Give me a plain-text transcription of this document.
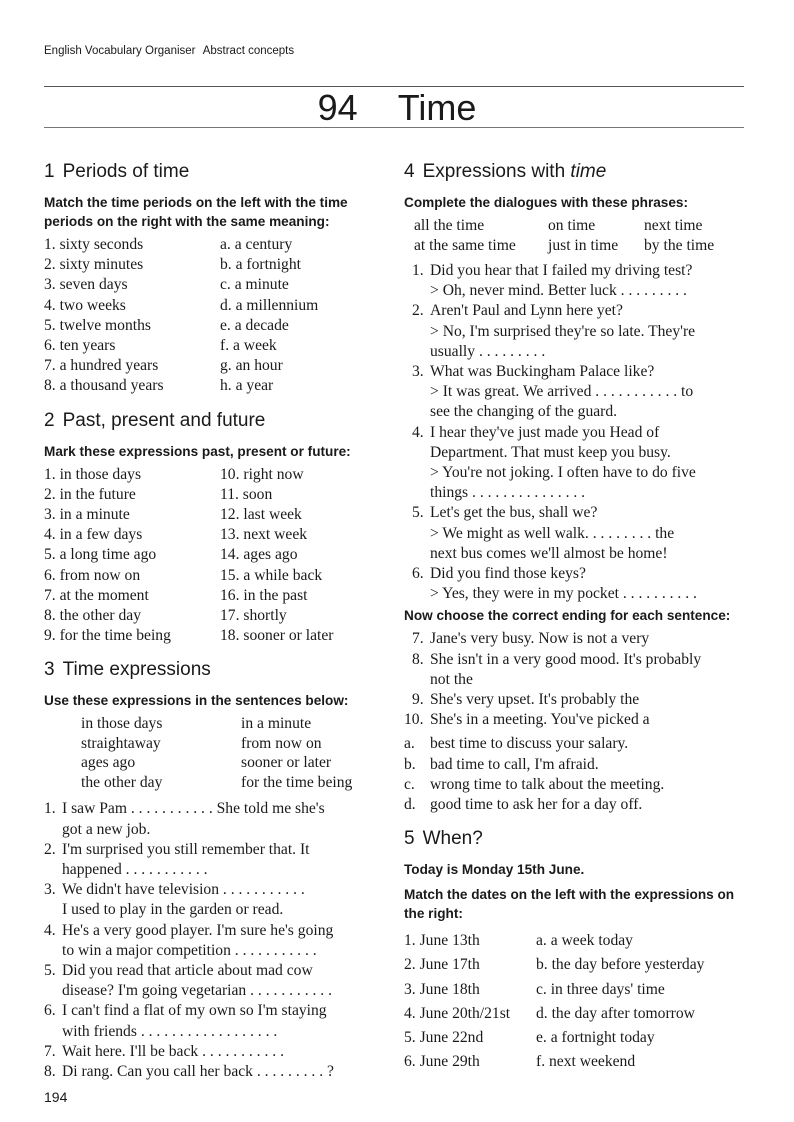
English Vocabulary Organiser Abstract concepts
94 Time
1 Periods of time
Match the time periods on the left with the time periods on the right with the same meaning:
1. sixty seconds	a. a century
2. sixty minutes	b. a fortnight
3. seven days	c. a minute
4. two weeks	d. a millennium
5. twelve months	e. a decade
6. ten years	f. a week
7. a hundred years	g. an hour
8. a thousand years	h. a year
2 Past, present and future
Mark these expressions past, present or future:
1. in those days	10. right now
2. in the future	11. soon
3. in a minute	12. last week
4. in a few days	13. next week
5. a long time ago	14. ages ago
6. from now on	15. a while back
7. at the moment	16. in the past
8. the other day	17. shortly
9. for the time being	18. sooner or later
3 Time expressions
Use these expressions in the sentences below:
in those days	in a minute
straightaway	from now on
ages ago	sooner or later
the other day	for the time being
1. I saw Pam . . . . . . . . . . . She told me she's
got a new job.
2. I'm surprised you still remember that. It
happened . . . . . . . . . . .
3. We didn't have television . . . . . . . . . . .
I used to play in the garden or read.
4. He's a very good player. I'm sure he's going
to win a major competition . . . . . . . . . . .
5. Did you read that article about mad cow
disease? I'm going vegetarian . . . . . . . . . . .
6. I can't find a flat of my own so I'm staying
with friends . . . . . . . . . . . . . . . . . .
7. Wait here. I'll be back . . . . . . . . . . .
8. Di rang. Can you call her back . . . . . . . . . ?
4 Expressions with time
Complete the dialogues with these phrases:
all the time	on time	next time
at the same time	just in time	by the time
1. Did you hear that I failed my driving test?
> Oh, never mind. Better luck . . . . . . . . .
2. Aren't Paul and Lynn here yet?
> No, I'm surprised they're so late. They're
usually . . . . . . . . .
3. What was Buckingham Palace like?
> It was great. We arrived . . . . . . . . . . . to
see the changing of the guard.
4. I hear they've just made you Head of
Department. That must keep you busy.
> You're not joking. I often have to do five
things . . . . . . . . . . . . . . .
5. Let's get the bus, shall we?
> We might as well walk. . . . . . . . . the
next bus comes we'll almost be home!
6. Did you find those keys?
> Yes, they were in my pocket . . . . . . . . . .
Now choose the correct ending for each sentence:
7. Jane's very busy. Now is not a very
8. She isn't in a very good mood. It's probably
not the
9. She's very upset. It's probably the
10. She's in a meeting. You've picked a
a. best time to discuss your salary.
b. bad time to call, I'm afraid.
c. wrong time to talk about the meeting.
d. good time to ask her for a day off.
5 When?
Today is Monday 15th June.
Match the dates on the left with the expressions on the right:
1. June 13th	a. a week today
2. June 17th	b. the day before yesterday
3. June 18th	c. in three days' time
4. June 20th/21st	d. the day after tomorrow
5. June 22nd	e. a fortnight today
6. June 29th	f. next weekend
194
